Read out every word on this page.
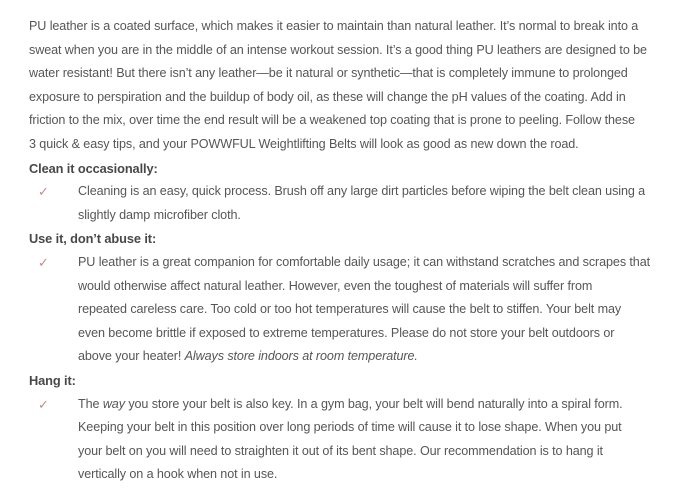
PU leather is a coated surface, which makes it easier to maintain than natural leather. It’s normal to break into a
sweat when you are in the middle of an intense workout session. It’s a good thing PU leathers are designed to be
water resistant! But there isn’t any leather—be it natural or synthetic—that is completely immune to prolonged
exposure to perspiration and the buildup of body oil, as these will change the pH values of the coating. Add in
friction to the mix, over time the end result will be a weakened top coating that is prone to peeling. Follow these
3 quick & easy tips, and your POWWFUL Weightlifting Belts will look as good as new down the road.
Clean it occasionally:
✓ Cleaning is an easy, quick process. Brush off any large dirt particles before wiping the belt clean using a
slightly damp microfiber cloth.
Use it, don’t abuse it:
✓ PU leather is a great companion for comfortable daily usage; it can withstand scratches and scrapes that
would otherwise affect natural leather. However, even the toughest of materials will suffer from
repeated careless care. Too cold or too hot temperatures will cause the belt to stiffen. Your belt may
even become brittle if exposed to extreme temperatures. Please do not store your belt outdoors or
above your heater! Always store indoors at room temperature.
Hang it:
✓ The way you store your belt is also key. In a gym bag, your belt will bend naturally into a spiral form.
Keeping your belt in this position over long periods of time will cause it to lose shape. When you put
your belt on you will need to straighten it out of its bent shape. Our recommendation is to hang it
vertically on a hook when not in use.
